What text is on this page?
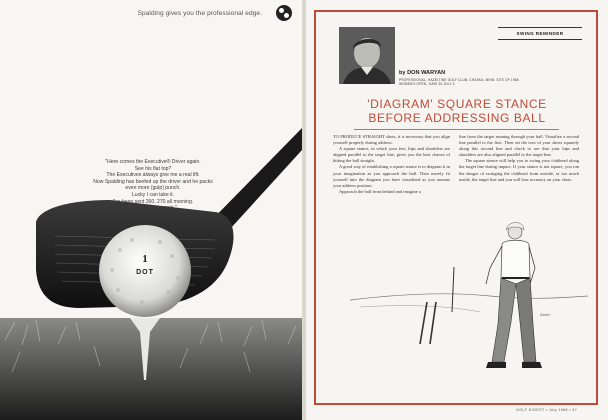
1
DOT
Spalding gives you the professional edge.
"Here comes the Executive® Driver again.
See his flat top?
The Executives always give me a real lift.
Now Spalding has beefed up the driver and he packs
even more (gulp) punch.
Lucky I can take it.
I've been sent 260, 270 all morning.
And here I go again."
SWING REMINDER
by DON WARYAN
PROFESSIONAL, HAZELTINE GOLF CLUB, CHASKA, MINN. SITE OF 1966 WOMEN'S OPEN, JUNE 30-JULY 3
'DIAGRAM' SQUARE STANCE
BEFORE ADDRESSING BALL

TO PRODUCE STRAIGHT shots, it is necessary that you align yourself properly during address.

A square stance, in which your feet, hips and shoulders are aligned parallel to the target line, gives you the best chance of hitting the ball straight.

A good way of establishing a square stance is to diagram it in your imagination as you approach the ball. Then merely fit yourself into the diagram you have visualized as you assume your address position.

Approach the ball from behind and imagine a

line from the target running through your ball. Visualize a second line parallel to the first. Then set the toes of your shoes squarely along this second line and check to see that your hips and shoulders are also aligned parallel to the target line.

The square stance will help you to swing your clubhead along the target line during impact. If your stance is not square, you run the danger of swinging the clubhead from outside, or too much inside, the target line and you will lose accuracy on your shots.

Seitz
GOLF DIGEST • July 1966 • 47
